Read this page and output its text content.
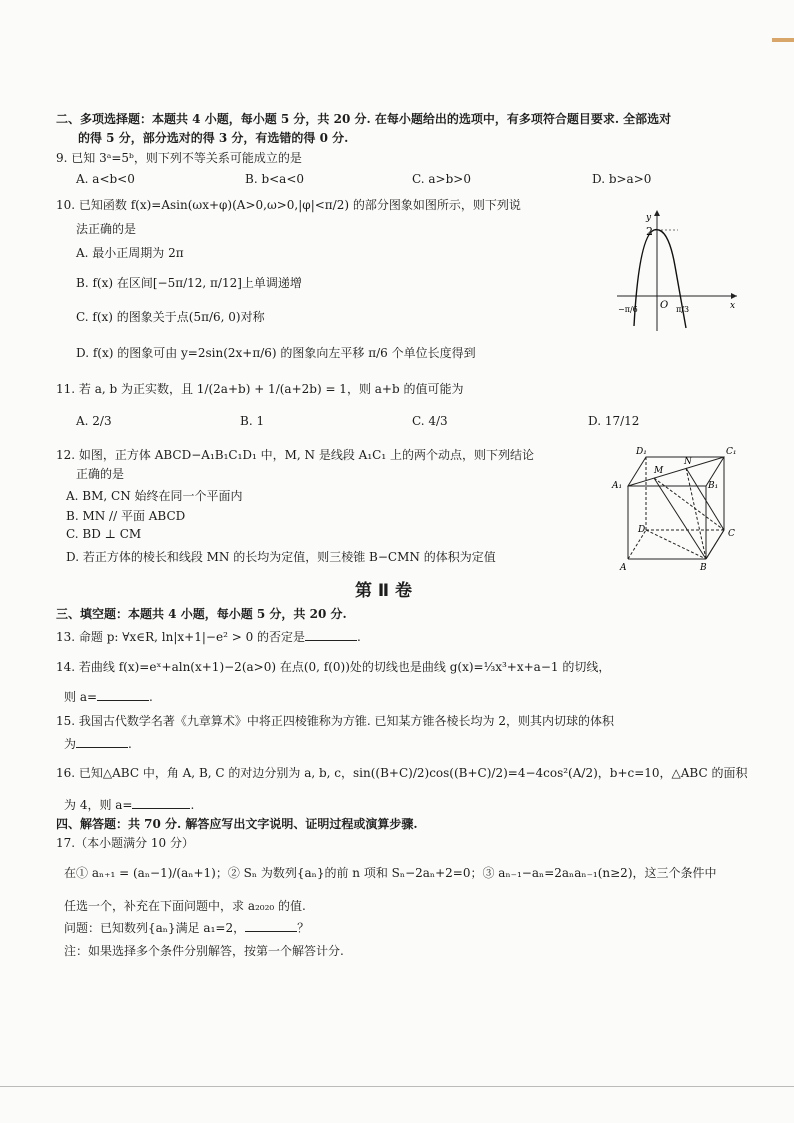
二、多项选择题：本题共 4 小题，每小题 5 分，共 20 分. 在每小题给出的选项中，有多项符合题目要求. 全部选对
的得 5 分，部分选对的得 3 分，有选错的得 0 分.
9. 已知 3ᵃ=5ᵇ，则下列不等关系可能成立的是
A. a<b<0	B. b<a<0	C. a>b>0	D. b>a>0
10. 已知函数 f(x)=Asin(ωx+φ)(A>0,ω>0,|φ|<π/2) 的部分图象如图所示，则下列说
法正确的是
A. 最小正周期为 2π
B. f(x) 在区间[−5π/12, π/12]上单调递增
C. f(x) 的图象关于点(5π/6, 0)对称
D. f(x) 的图象可由 y=2sin(2x+π/6) 的图象向左平移 π/6 个单位长度得到
y
x
O
2
−π/6	π/3
11. 若 a, b 为正实数，且 1/(2a+b) + 1/(a+2b) = 1，则 a+b 的值可能为
A. 2/3	B. 1	C. 4/3	D. 17/12
12. 如图，正方体 ABCD−A₁B₁C₁D₁ 中，M, N 是线段 A₁C₁ 上的两个动点，则下列结论
正确的是
A. BM, CN 始终在同一个平面内
B. MN // 平面 ABCD
C. BD ⊥ CM
D. 若正方体的棱长和线段 MN 的长均为定值，则三棱锥 B−CMN 的体积为定值
D₁	C₁
A₁	B₁
M
N
D	C
A	B
第 Ⅱ 卷
三、填空题：本题共 4 小题，每小题 5 分，共 20 分.
13. 命题 p: ∀x∈R, ln|x+1|−e² > 0 的否定是	.
14. 若曲线 f(x)=eˣ+aln(x+1)−2(a>0) 在点(0, f(0))处的切线也是曲线 g(x)=⅓x³+x+a−1 的切线，
则 a=	.
15. 我国古代数学名著《九章算术》中将正四棱锥称为方锥. 已知某方锥各棱长均为 2，则其内切球的体积
为	.
16. 已知△ABC 中，角 A, B, C 的对边分别为 a, b, c，sin((B+C)/2)cos((B+C)/2)=4−4cos²(A/2)，b+c=10，△ABC 的面积
为 4，则 a=	.
四、解答题：共 70 分. 解答应写出文字说明、证明过程或演算步骤.
17.（本小题满分 10 分）
在① aₙ₊₁ = (aₙ−1)/(aₙ+1)；② Sₙ 为数列{aₙ}的前 n 项和 Sₙ−2aₙ+2=0；③ aₙ₋₁−aₙ=2aₙaₙ₋₁(n≥2)，这三个条件中
任选一个，补充在下面问题中，求 a₂₀₂₀ 的值.
问题：已知数列{aₙ}满足 a₁=2，	？
注：如果选择多个条件分别解答，按第一个解答计分.
